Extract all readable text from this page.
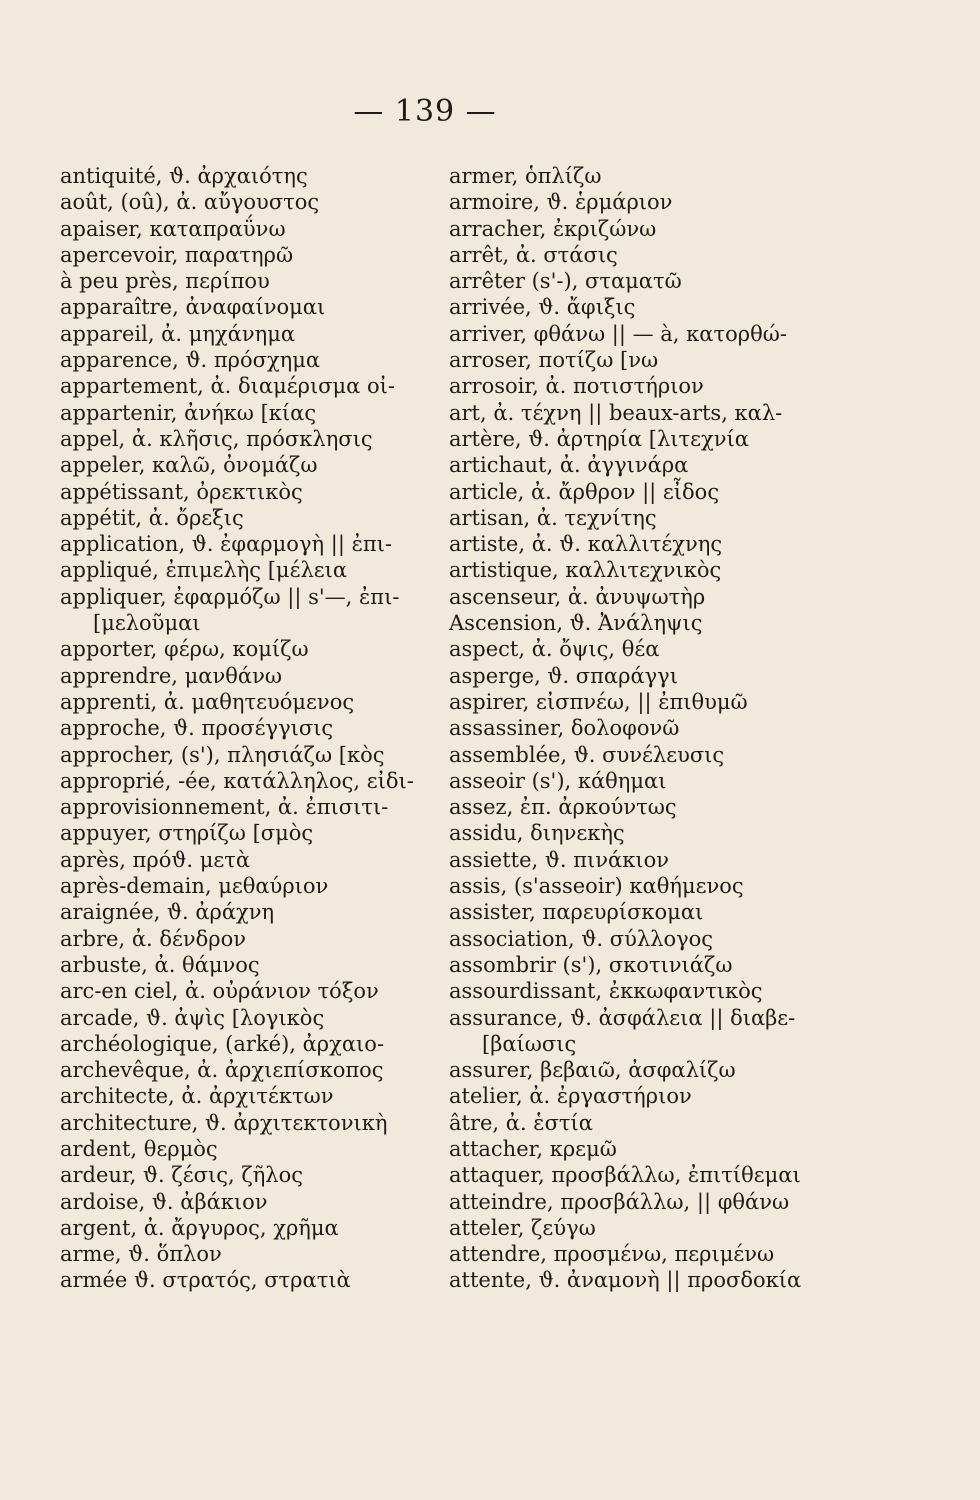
— 139 —
antiquité, ϑ. ἀρχαιότης
août, (oû), ἀ. αὔγουστος
apaiser, καταπραΰνω
apercevoir, παρατηρῶ
à peu près, περίπου
apparaître, ἀναφαίνομαι
appareil, ἀ. μηχάνημα
apparence, ϑ. πρόσχημα
appartement, ἀ. διαμέρισμα οἰ-
appartenir, ἀνήκω [κίας
appel, ἀ. κλῆσις, πρόσκλησις
appeler, καλῶ, ὀνομάζω
appétissant, ὀρεκτικὸς
appétit, ἀ. ὄρεξις
application, ϑ. ἐφαρμογὴ || ἐπι-
appliqué, ἐπιμελὴς [μέλεια
appliquer, ἐφαρμόζω || s'—, ἐπι-
[μελοῦμαι
apporter, φέρω, κομίζω
apprendre, μανθάνω
apprenti, ἀ. μαθητευόμενος
approche, ϑ. προσέγγισις
approcher, (s'), πλησιάζω [κὸς
approprié, -ée, κατάλληλος, εἰδι-
approvisionnement, ἀ. ἐπισιτι-
appuyer, στηρίζω [σμὸς
après, πρόϑ. μετὰ
après-demain, μεθαύριον
araignée, ϑ. ἀράχνη
arbre, ἀ. δένδρον
arbuste, ἀ. θάμνος
arc-en ciel, ἀ. οὐράνιον τόξον
arcade, ϑ. ἀψὶς [λογικὸς
archéologique, (arké), ἀρχαιο-
archevêque, ἀ. ἀρχιεπίσκοπος
architecte, ἀ. ἀρχιτέκτων
architecture, ϑ. ἀρχιτεκτονικὴ
ardent, θερμὸς
ardeur, ϑ. ζέσις, ζῆλος
ardoise, ϑ. ἀβάκιον
argent, ἀ. ἄργυρος, χρῆμα
arme, ϑ. ὅπλον
armée ϑ. στρατός, στρατιὰ
armer, ὁπλίζω
armoire, ϑ. ἑρμάριον
arracher, ἐκριζώνω
arrêt, ἀ. στάσις
arrêter (s'-), σταματῶ
arrivée, ϑ. ἄφιξις
arriver, φθάνω || — à, κατορθώ-
arroser, ποτίζω [νω
arrosoir, ἀ. ποτιστήριον
art, ἀ. τέχνη || beaux-arts, καλ-
artère, ϑ. ἀρτηρία [λιτεχνία
artichaut, ἀ. ἀγγινάρα
article, ἀ. ἄρθρον || εἶδος
artisan, ἀ. τεχνίτης
artiste, ἀ. ϑ. καλλιτέχνης
artistique, καλλιτεχνικὸς
ascenseur, ἀ. ἀνυψωτὴρ
Ascension, ϑ. Ἀνάληψις
aspect, ἀ. ὄψις, θέα
asperge, ϑ. σπαράγγι
aspirer, εἰσπνέω, || ἐπιθυμῶ
assassiner, δολοφονῶ
assemblée, ϑ. συνέλευσις
asseoir (s'), κάθημαι
assez, ἐπ. ἀρκούντως
assidu, διηνεκὴς
assiette, ϑ. πινάκιον
assis, (s'asseoir) καθήμενος
assister, παρευρίσκομαι
association, ϑ. σύλλογος
assombrir (s'), σκοτινιάζω
assourdissant, ἐκκωφαντικὸς
assurance, ϑ. ἀσφάλεια || διαβε-
[βαίωσις
assurer, βεβαιῶ, ἀσφαλίζω
atelier, ἀ. ἐργαστήριον
âtre, ἀ. ἑστία
attacher, κρεμῶ
attaquer, προσβάλλω, ἐπιτίθεμαι
atteindre, προσβάλλω, || φθάνω
atteler, ζεύγω
attendre, προσμένω, περιμένω
attente, ϑ. ἀναμονὴ || προσδοκία
